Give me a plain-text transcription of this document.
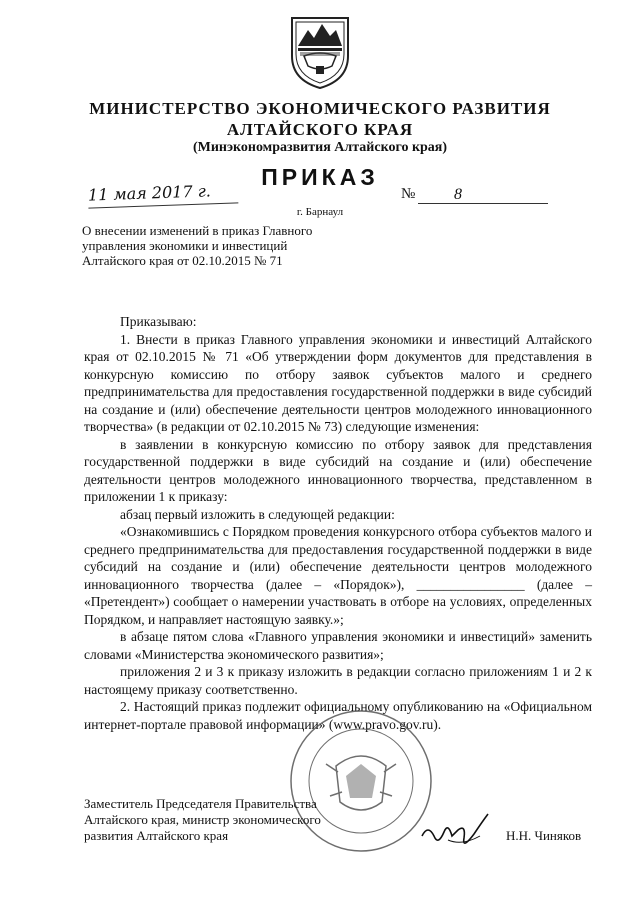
МИНИСТЕРСТВО ЭКОНОМИЧЕСКОГО РАЗВИТИЯ
АЛТАЙСКОГО КРАЯ
(Минэкономразвития Алтайского края)
ПРИКАЗ
11 мая 2017 г.	№	8
г. Барнаул
О внесении изменений в приказ Главного управления экономики и инвестиций Алтайского края от 02.10.2015 № 71

Приказываю:

1. Внести в приказ Главного управления экономики и инвестиций Алтайского края от 02.10.2015 № 71 «Об утверждении форм документов для представления в конкурсную комиссию по отбору заявок субъектов малого и среднего предпринимательства для предоставления государственной поддержки в виде субсидий на создание и (или) обеспечение деятельности центров молодежного инновационного творчества» (в редакции от 02.10.2015 № 73) следующие изменения:

в заявлении в конкурсную комиссию по отбору заявок для представления государственной поддержки в виде субсидий на создание и (или) обеспечение деятельности центров молодежного инновационного творчества, представленном в приложении 1 к приказу:

абзац первый изложить в следующей редакции:

«Ознакомившись с Порядком проведения конкурсного отбора субъектов малого и среднего предпринимательства для предоставления государственной поддержки в виде субсидий на создание и (или) обеспечение деятельности центров молодежного инновационного творчества (далее – «Порядок»), ________________ (далее – «Претендент») сообщает о намерении участвовать в отборе на условиях, определенных Порядком, и направляет настоящую заявку.»;

в абзаце пятом слова «Главного управления экономики и инвестиций» заменить словами «Министерства экономического развития»;

приложения 2 и 3 к приказу изложить в редакции согласно приложениям 1 и 2 к настоящему приказу соответственно.

2. Настоящий приказ подлежит официальному опубликованию на «Официальном интернет-портале правовой информации» (www.pravo.gov.ru).

Заместитель Председателя Правительства
Алтайского края, министр экономического
развития Алтайского края	Н.Н. Чиняков
